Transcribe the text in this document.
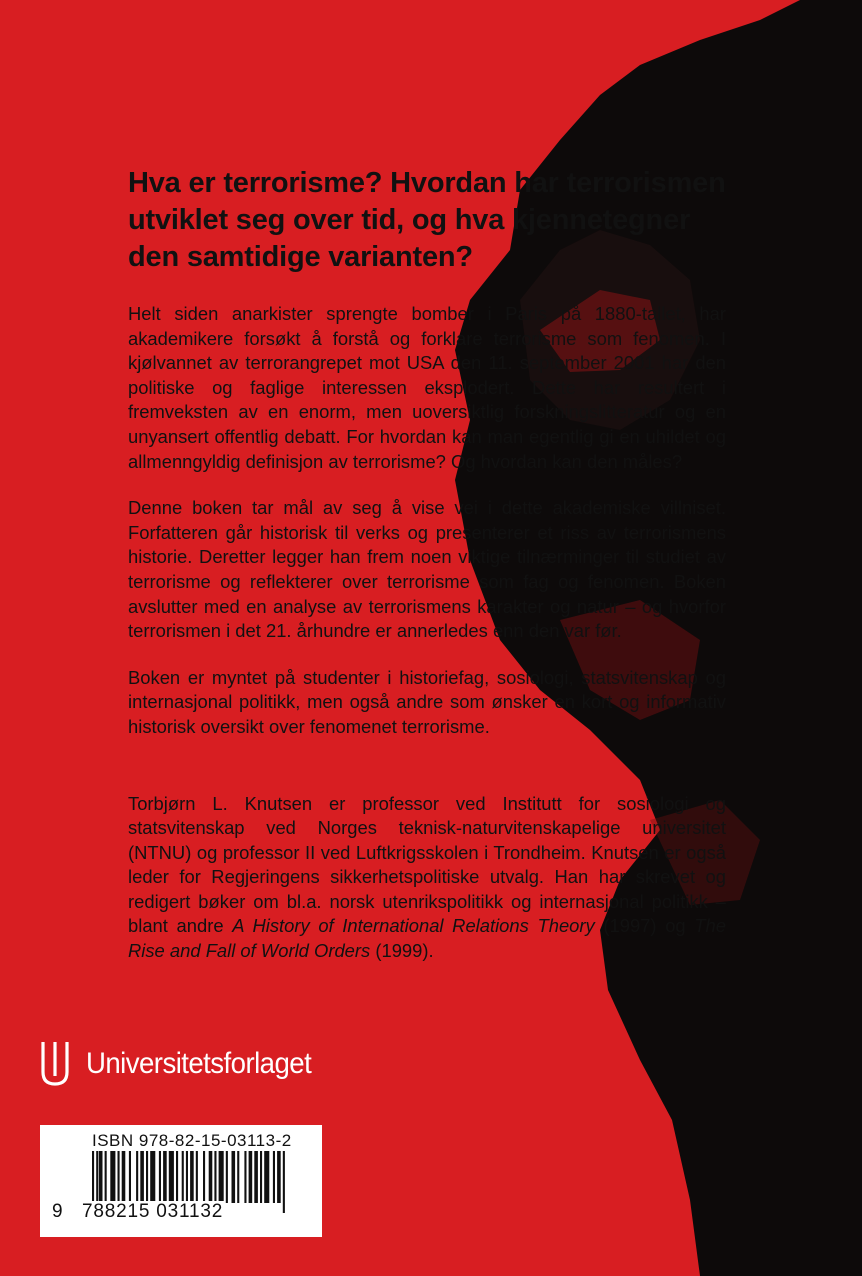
Hva er terrorisme? Hvordan har terrorismen utviklet seg over tid, og hva kjennetegner den samtidige varianten?

Helt siden anarkister sprengte bomber i Paris på 1880-tallet, har akademikere forsøkt å forstå og forklare terrorisme som fenomen. I kjølvannet av terrorangrepet mot USA den 11. september 2001 har den politiske og faglige interessen eksplodert. Dette har resultert i fremveksten av en enorm, men uoversiktlig forskningslitteratur og en unyansert offentlig debatt. For hvordan kan man egentlig gi en uhildet og allmenngyldig definisjon av terrorisme? Og hvordan kan den måles?

Denne boken tar mål av seg å vise vei i dette akademiske villniset. Forfatteren går historisk til verks og presenterer et riss av terrorismens historie. Deretter legger han frem noen viktige tilnærminger til studiet av terrorisme og reflekterer over terrorisme som fag og fenomen. Boken avslutter med en analyse av terrorismens karakter og natur – og hvorfor terrorismen i det 21. århundre er annerledes enn den var før.

Boken er myntet på studenter i historiefag, sosiologi, statsvitenskap og internasjonal politikk, men også andre som ønsker en kort og informativ historisk oversikt over fenomenet terrorisme.

Torbjørn L. Knutsen er professor ved Institutt for sosiologi og statsvitenskap ved Norges teknisk-naturvitenskapelige universitet (NTNU) og professor II ved Luftkrigsskolen i Trondheim. Knutsen er også leder for Regjeringens sikkerhetspolitiske utvalg. Han har skrevet og redigert bøker om bl.a. norsk utenrikspolitikk og internasjonal politikk – blant andre A History of International Relations Theory (1997) og The Rise and Fall of World Orders (1999).

Universitetsforlaget
ISBN 978-82-15-03113-2
9 788215 031132
